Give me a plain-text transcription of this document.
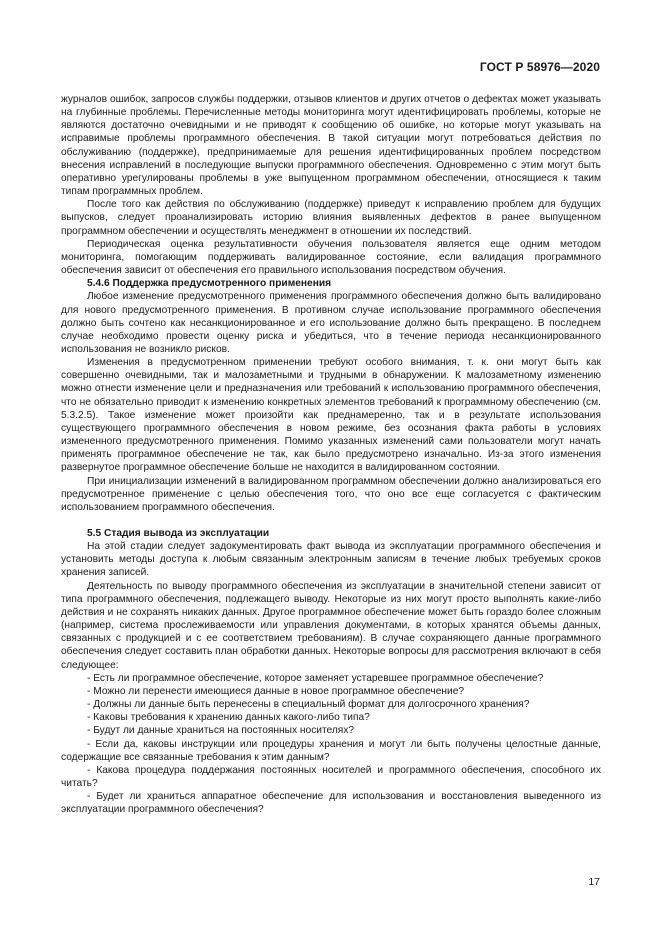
ГОСТ Р 58976—2020

журналов ошибок, запросов службы поддержки, отзывов клиентов и других отчетов о дефектах может указывать на глубинные проблемы. Перечисленные методы мониторинга могут идентифицировать проблемы, которые не являются достаточно очевидными и не приводят к сообщению об ошибке, но которые могут указывать на исправимые проблемы программного обеспечения. В такой ситуации могут потребоваться действия по обслуживанию (поддержке), предпринимаемые для решения идентифицированных проблем посредством внесения исправлений в последующие выпуски программного обеспечения. Одновременно с этим могут быть оперативно урегулированы проблемы в уже выпущенном программном обеспечении, относящиеся к таким типам программных проблем.

После того как действия по обслуживанию (поддержке) приведут к исправлению проблем для будущих выпусков, следует проанализировать историю влияния выявленных дефектов в ранее выпущенном программном обеспечении и осуществлять менеджмент в отношении их последствий.

Периодическая оценка результативности обучения пользователя является еще одним методом мониторинга, помогающим поддерживать валидированное состояние, если валидация программного обеспечения зависит от обеспечения его правильного использования посредством обучения.

5.4.6 Поддержка предусмотренного применения

Любое изменение предусмотренного применения программного обеспечения должно быть валидировано для нового предусмотренного применения. В противном случае использование программного обеспечения должно быть сочтено как несанкционированное и его использование должно быть прекращено. В последнем случае необходимо провести оценку риска и убедиться, что в течение периода несанкционированного использования не возникло рисков.

Изменения в предусмотренном применении требуют особого внимания, т. к. они могут быть как совершенно очевидными, так и малозаметными и трудными в обнаружении. К малозаметному изменению можно отнести изменение цели и предназначения или требований к использованию программного обеспечения, что не обязательно приводит к изменению конкретных элементов требований к программному обеспечению (см. 5.3.2.5). Такое изменение может произойти как преднамеренно, так и в результате использования существующего программного обеспечения в новом режиме, без осознания факта работы в условиях измененного предусмотренного применения. Помимо указанных изменений сами пользователи могут начать применять программное обеспечение не так, как было предусмотрено изначально. Из-за этого изменения развернутое программное обеспечение больше не находится в валидированном состоянии.

При инициализации изменений в валидированном программном обеспечении должно анализироваться его предусмотренное применение с целью обеспечения того, что оно все еще согласуется с фактическим использованием программного обеспечения.

5.5 Стадия вывода из эксплуатации

На этой стадии следует задокументировать факт вывода из эксплуатации программного обеспечения и установить методы доступа к любым связанным электронным записям в течение любых требуемых сроков хранения записей.

Деятельность по выводу программного обеспечения из эксплуатации в значительной степени зависит от типа программного обеспечения, подлежащего выводу. Некоторые из них могут просто выполнять какие-либо действия и не сохранять никаких данных. Другое программное обеспечение может быть гораздо более сложным (например, система прослеживаемости или управления документами, в которых хранятся объемы данных, связанных с продукцией и с ее соответствием требованиям). В случае сохраняющего данные программного обеспечения следует составить план обработки данных. Некоторые вопросы для рассмотрения включают в себя следующее:

- Есть ли программное обеспечение, которое заменяет устаревшее программное обеспечение?

- Можно ли перенести имеющиеся данные в новое программное обеспечение?

- Должны ли данные быть перенесены в специальный формат для долгосрочного хранения?

- Каковы требования к хранению данных какого-либо типа?

- Будут ли данные храниться на постоянных носителях?

- Если да, каковы инструкции или процедуры хранения и могут ли быть получены целостные данные, содержащие все связанные требования к этим данным?

- Какова процедура поддержания постоянных носителей и программного обеспечения, способного их читать?

- Будет ли храниться аппаратное обеспечение для использования и восстановления выведенного из эксплуатации программного обеспечения?

17
